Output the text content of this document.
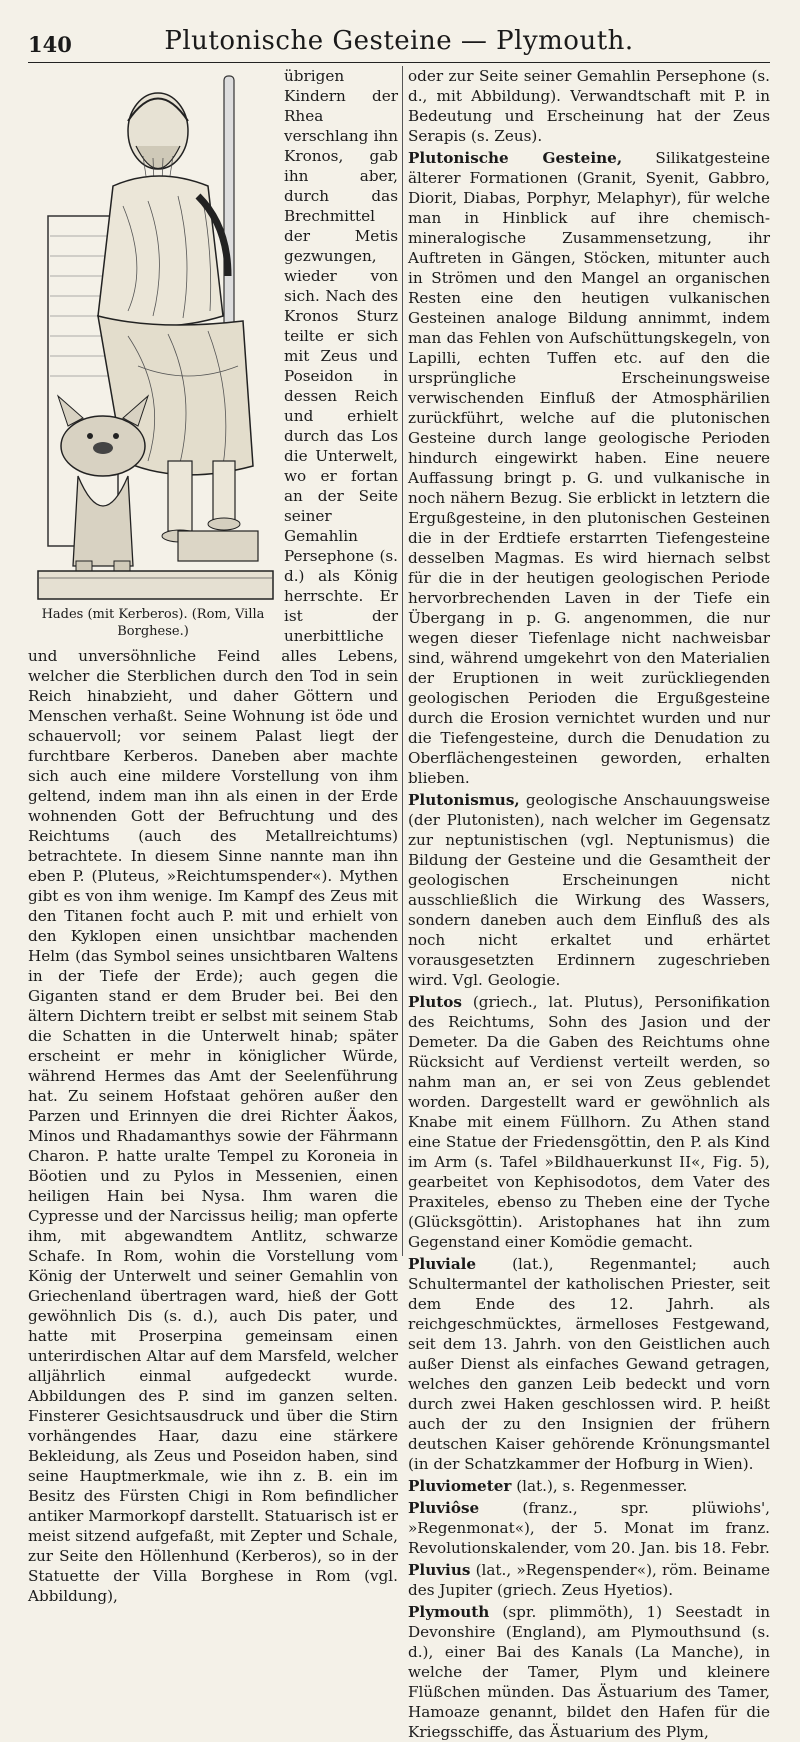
140	Plutonische Gesteine — Plymouth.
Hades (mit Kerberos). (Rom, Villa Borghese.)

übrigen Kindern der Rhea verschlang ihn Kronos, gab ihn aber, durch das Brechmittel der Metis gezwungen, wieder von sich. Nach des Kronos Sturz teilte er sich mit Zeus und Poseidon in dessen Reich und erhielt durch das Los die Unterwelt, wo er fortan an der Seite seiner Gemahlin Persephone (s. d.) als König herrschte. Er ist der unerbittliche und unversöhnliche Feind alles Lebens, welcher die Sterblichen durch den Tod in sein Reich hinabzieht, und daher Göttern und Menschen verhaßt. Seine Wohnung ist öde und schauervoll; vor seinem Palast liegt der furchtbare Kerberos. Daneben aber machte sich auch eine mildere Vorstellung von ihm geltend, indem man ihn als einen in der Erde wohnenden Gott der Befruchtung und des Reichtums (auch des Metallreichtums) betrachtete. In diesem Sinne nannte man ihn eben P. (Pluteus, »Reichtumspender«). Mythen gibt es von ihm wenige. Im Kampf des Zeus mit den Titanen focht auch P. mit und erhielt von den Kyklopen einen unsichtbar machenden Helm (das Symbol seines unsichtbaren Waltens in der Tiefe der Erde); auch gegen die Giganten stand er dem Bruder bei. Bei den ältern Dichtern treibt er selbst mit seinem Stab die Schatten in die Unterwelt hinab; später erscheint er mehr in königlicher Würde, während Hermes das Amt der Seelenführung hat. Zu seinem Hofstaat gehören außer den Parzen und Erinnyen die drei Richter Äakos, Minos und Rhadamanthys sowie der Fährmann Charon. P. hatte uralte Tempel zu Koroneia in Böotien und zu Pylos in Messenien, einen heiligen Hain bei Nysa. Ihm waren die Cypresse und der Narcissus heilig; man opferte ihm, mit abgewandtem Antlitz, schwarze Schafe. In Rom, wohin die Vorstellung vom König der Unterwelt und seiner Gemahlin von Griechenland übertragen ward, hieß der Gott gewöhnlich Dis (s. d.), auch Dis pater, und hatte mit Proserpina gemeinsam einen unterirdischen Altar auf dem Marsfeld, welcher alljährlich einmal aufgedeckt wurde. Abbildungen des P. sind im ganzen selten. Finsterer Gesichtsausdruck und über die Stirn vorhängendes Haar, dazu eine stärkere Bekleidung, als Zeus und Poseidon haben, sind seine Hauptmerkmale, wie ihn z. B. ein im Besitz des Fürsten Chigi in Rom befindlicher antiker Marmorkopf darstellt. Statuarisch ist er meist sitzend aufgefaßt, mit Zepter und Schale, zur Seite den Höllenhund (Kerberos), so in der Statuette der Villa Borghese in Rom (vgl. Abbildung),

oder zur Seite seiner Gemahlin Persephone (s. d., mit Abbildung). Verwandtschaft mit P. in Bedeutung und Erscheinung hat der Zeus Serapis (s. Zeus).

Plutonische Gesteine, Silikatgesteine älterer Formationen (Granit, Syenit, Gabbro, Diorit, Diabas, Porphyr, Melaphyr), für welche man in Hinblick auf ihre chemisch-mineralogische Zusammensetzung, ihr Auftreten in Gängen, Stöcken, mitunter auch in Strömen und den Mangel an organischen Resten eine den heutigen vulkanischen Gesteinen analoge Bildung annimmt, indem man das Fehlen von Aufschüttungskegeln, von Lapilli, echten Tuffen etc. auf den die ursprüngliche Erscheinungsweise verwischenden Einfluß der Atmosphärilien zurückführt, welche auf die plutonischen Gesteine durch lange geologische Perioden hindurch eingewirkt haben. Eine neuere Auffassung bringt p. G. und vulkanische in noch nähern Bezug. Sie erblickt in letztern die Ergußgesteine, in den plutonischen Gesteinen die in der Erdtiefe erstarrten Tiefengesteine desselben Magmas. Es wird hiernach selbst für die in der heutigen geologischen Periode hervorbrechenden Laven in der Tiefe ein Übergang in p. G. angenommen, die nur wegen dieser Tiefenlage nicht nachweisbar sind, während umgekehrt von den Materialien der Eruptionen in weit zurückliegenden geologischen Perioden die Ergußgesteine durch die Erosion vernichtet wurden und nur die Tiefengesteine, durch die Denudation zu Oberflächengesteinen geworden, erhalten blieben.

Plutonismus, geologische Anschauungsweise (der Plutonisten), nach welcher im Gegensatz zur neptunistischen (vgl. Neptunismus) die Bildung der Gesteine und die Gesamtheit der geologischen Erscheinungen nicht ausschließlich die Wirkung des Wassers, sondern daneben auch dem Einfluß des als noch nicht erkaltet und erhärtet vorausgesetzten Erdinnern zugeschrieben wird. Vgl. Geologie.

Plutos (griech., lat. Plutus), Personifikation des Reichtums, Sohn des Jasion und der Demeter. Da die Gaben des Reichtums ohne Rücksicht auf Verdienst verteilt werden, so nahm man an, er sei von Zeus geblendet worden. Dargestellt ward er gewöhnlich als Knabe mit einem Füllhorn. Zu Athen stand eine Statue der Friedensgöttin, den P. als Kind im Arm (s. Tafel »Bildhauerkunst II«, Fig. 5), gearbeitet von Kephisodotos, dem Vater des Praxiteles, ebenso zu Theben eine der Tyche (Glücksgöttin). Aristophanes hat ihn zum Gegenstand einer Komödie gemacht.

Pluviale (lat.), Regenmantel; auch Schultermantel der katholischen Priester, seit dem Ende des 12. Jahrh. als reichgeschmücktes, ärmelloses Festgewand, seit dem 13. Jahrh. von den Geistlichen auch außer Dienst als einfaches Gewand getragen, welches den ganzen Leib bedeckt und vorn durch zwei Haken geschlossen wird. P. heißt auch der zu den Insignien der frühern deutschen Kaiser gehörende Krönungsmantel (in der Schatzkammer der Hofburg in Wien).

Pluviometer (lat.), s. Regenmesser.

Pluviôse (franz., spr. plüwiohs', »Regenmonat«), der 5. Monat im franz. Revolutionskalender, vom 20. Jan. bis 18. Febr.

Pluvius (lat., »Regenspender«), röm. Beiname des Jupiter (griech. Zeus Hyetios).

Plymouth (spr. plimmöth), 1) Seestadt in Devonshire (England), am Plymouthsund (s. d.), einer Bai des Kanals (La Manche), in welche der Tamer, Plym und kleinere Flüßchen münden. Das Ästuarium des Tamer, Hamoaze genannt, bildet den Hafen für die Kriegsschiffe, das Ästuarium des Plym,
